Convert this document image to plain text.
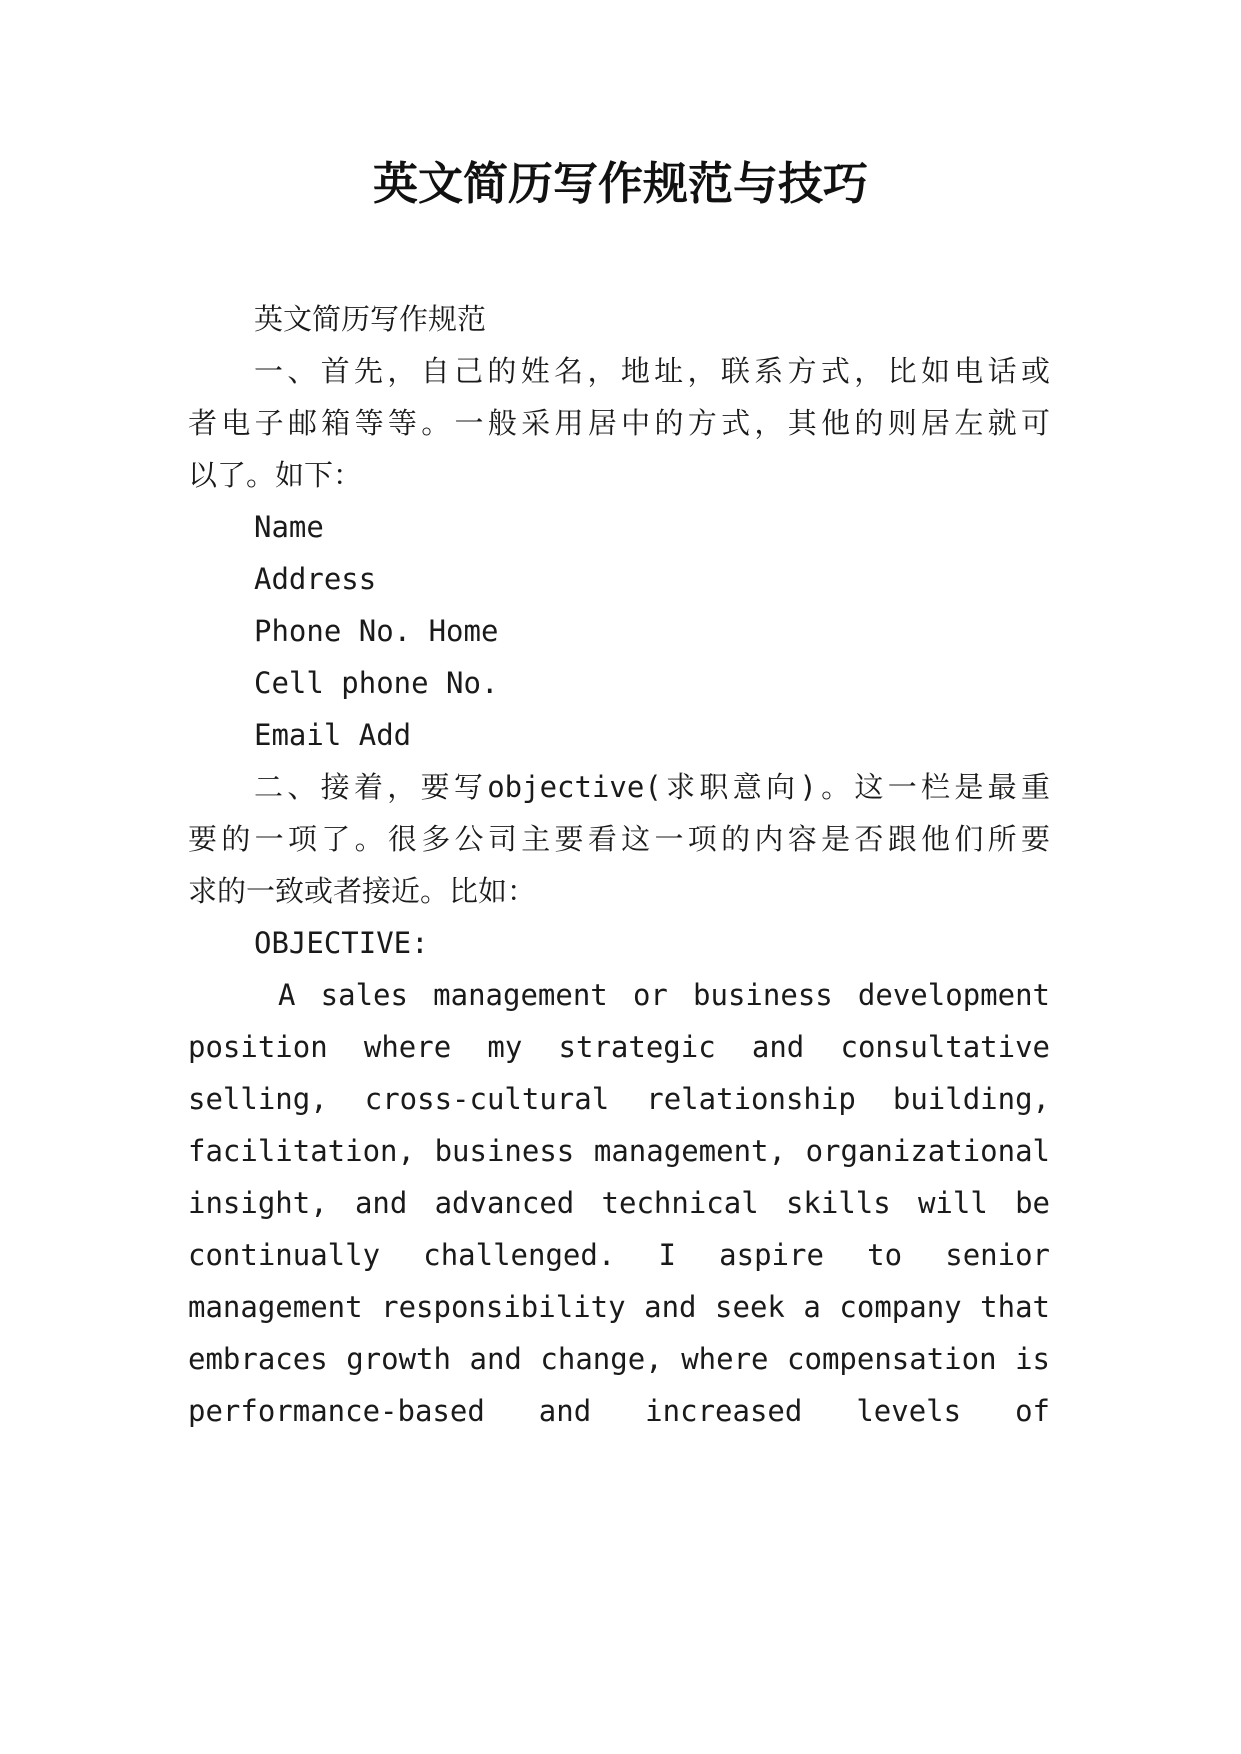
英文简历写作规范与技巧

英文简历写作规范

一、首先，自己的姓名，地址，联系方式，比如电话或

者电子邮箱等等。一般采用居中的方式，其他的则居左就可

以了。如下：

Name

Address

Phone No. Home

Cell phone No.

Email Add

二、接着，要写objective(求职意向)。这一栏是最重

要的一项了。很多公司主要看这一项的内容是否跟他们所要

求的一致或者接近。比如：

OBJECTIVE:

A sales management or business development

position where my strategic and consultative

selling, cross-cultural relationship building,

facilitation, business management, organizational

insight, and advanced technical skills will be

continually challenged. I aspire to senior

management responsibility and seek a company that

embraces growth and change, where compensation is

performance-based and increased levels of
